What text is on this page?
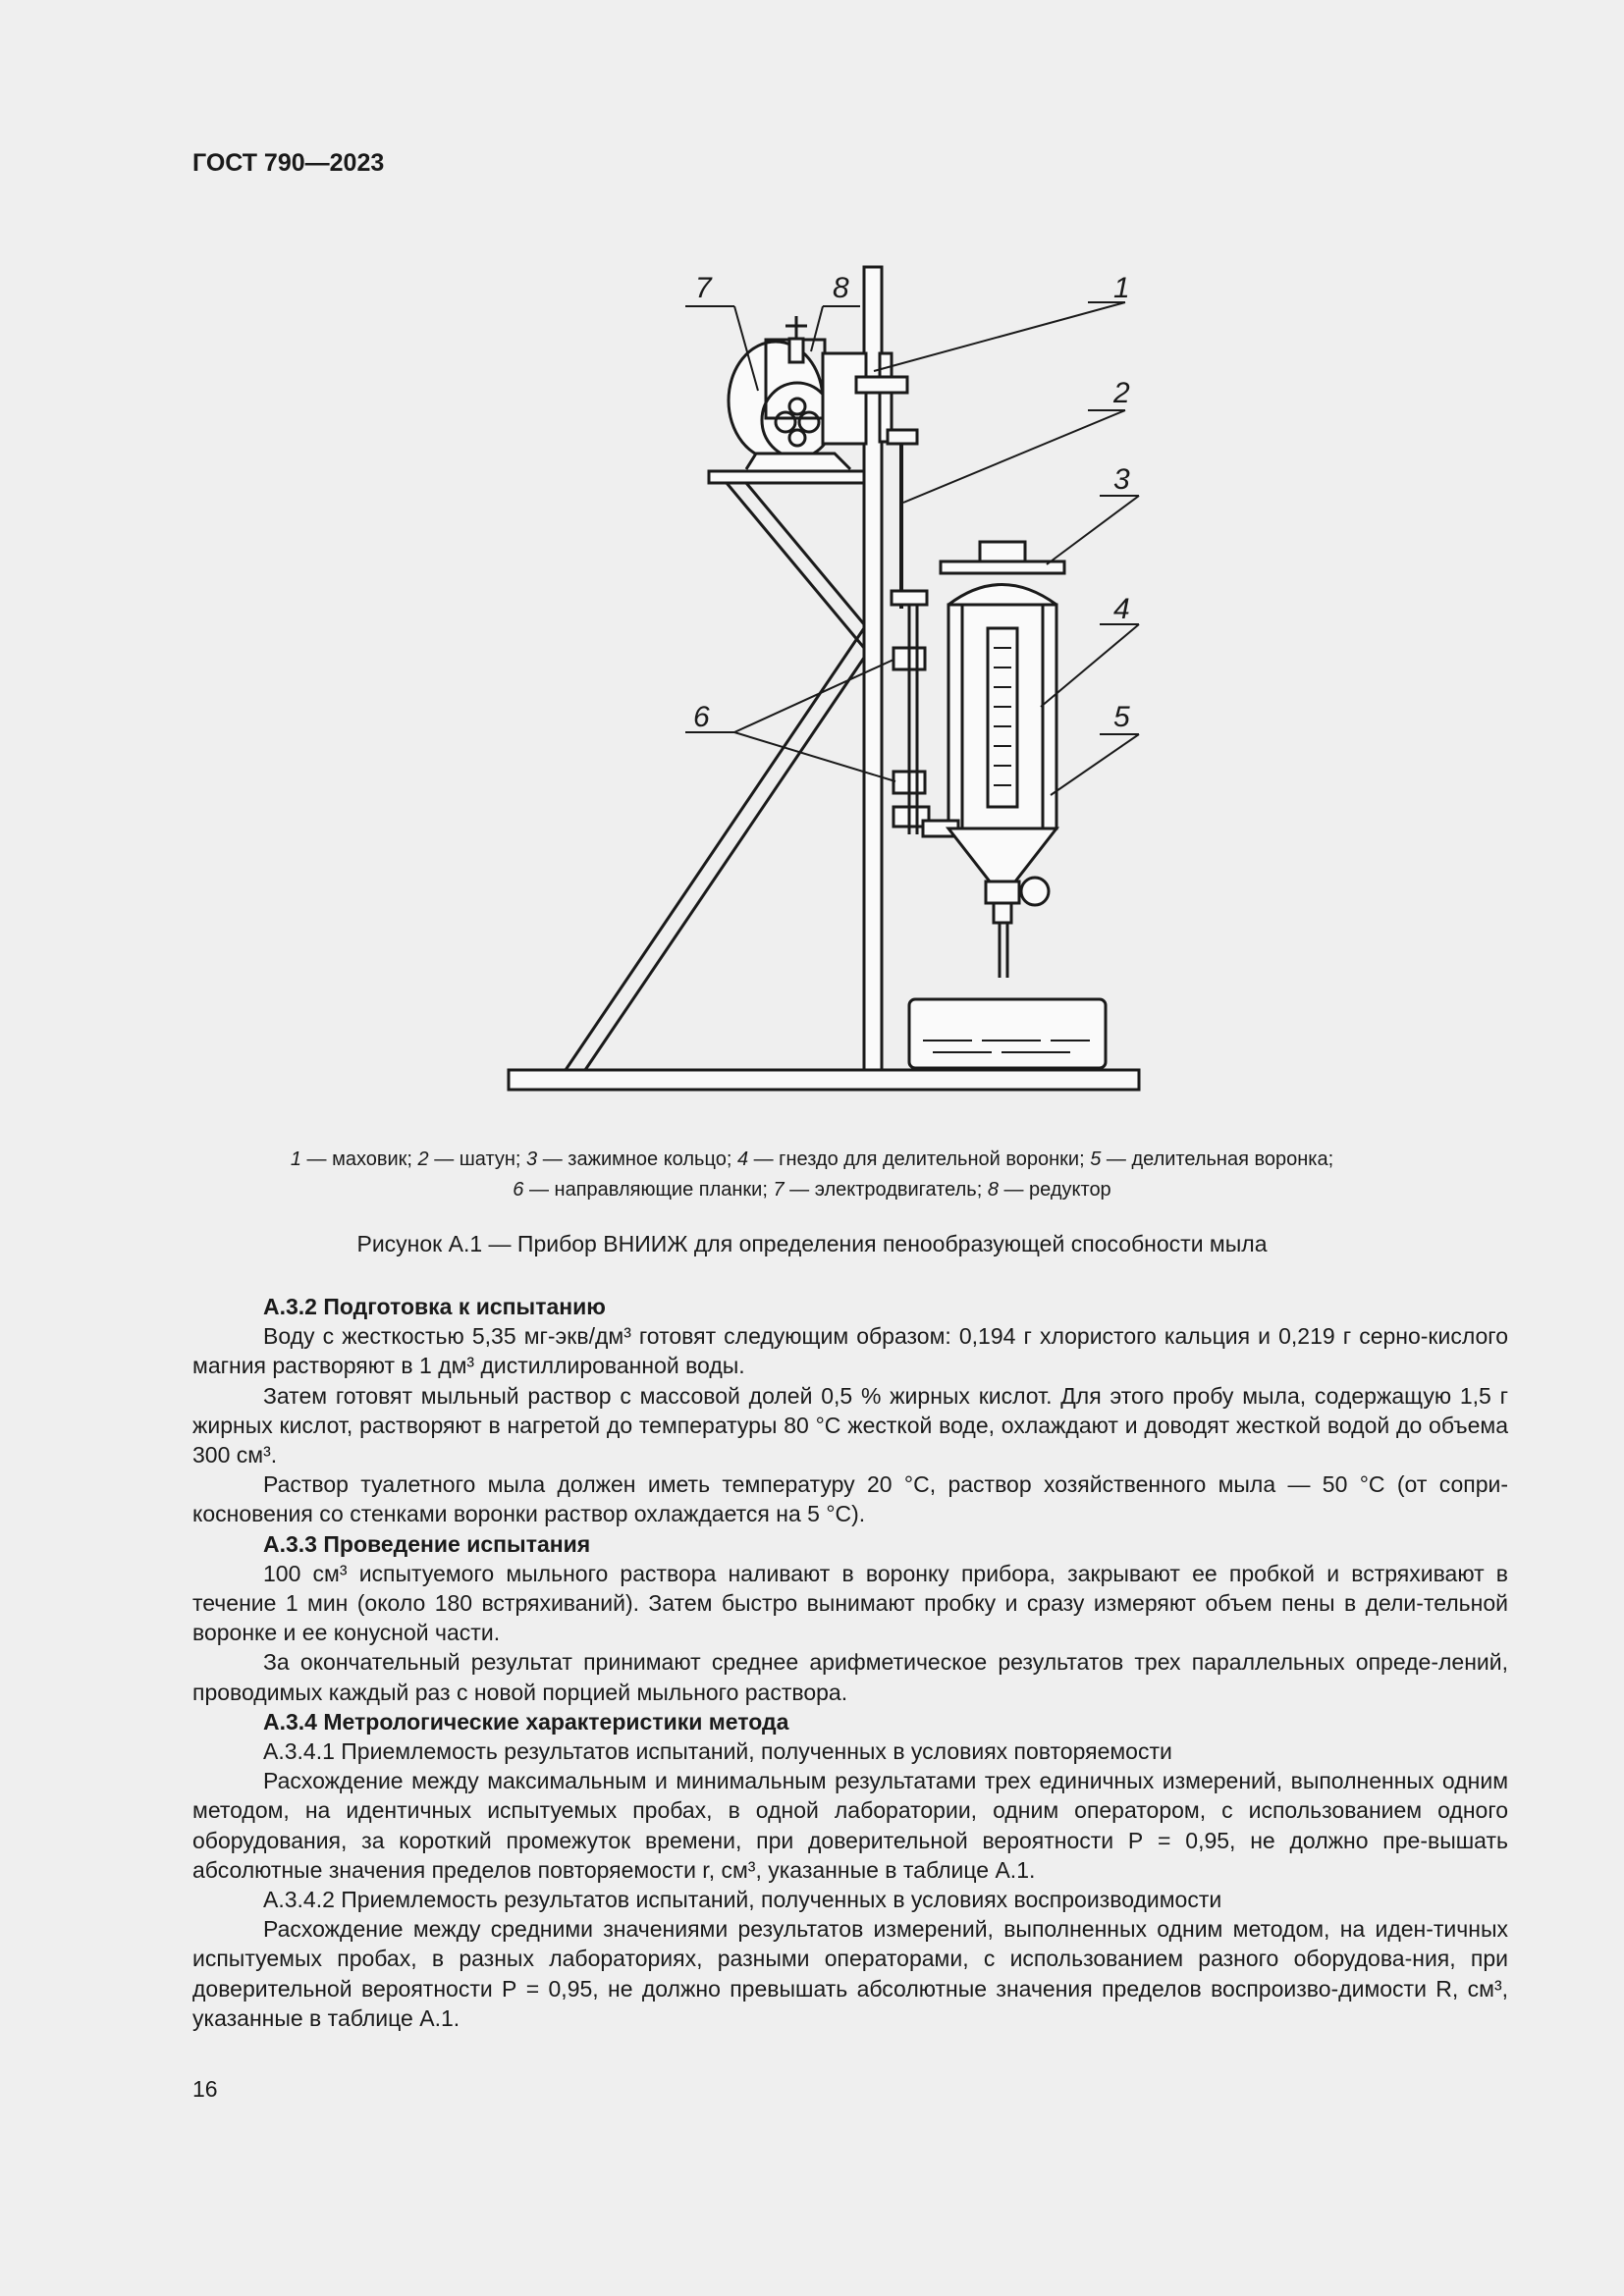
ГОСТ 790—2023
7	8	1
2
3
4
5
6
1 — маховик; 2 — шатун; 3 — зажимное кольцо; 4 — гнездо для делительной воронки; 5 — делительная воронка;
6 — направляющие планки; 7 — электродвигатель; 8 — редуктор
Рисунок А.1 — Прибор ВНИИЖ для определения пенообразующей способности мыла

А.3.2 Подготовка к испытанию

Воду с жесткостью 5,35 мг-экв/дм³ готовят следующим образом: 0,194 г хлористого кальция и 0,219 г серно-кислого магния растворяют в 1 дм³ дистиллированной воды.

Затем готовят мыльный раствор с массовой долей 0,5 % жирных кислот. Для этого пробу мыла, содержащую 1,5 г жирных кислот, растворяют в нагретой до температуры 80 °С жесткой воде, охлаждают и доводят жесткой водой до объема 300 см³.

Раствор туалетного мыла должен иметь температуру 20 °С, раствор хозяйственного мыла — 50 °С (от сопри-косновения со стенками воронки раствор охлаждается на 5 °С).

А.3.3 Проведение испытания

100 см³ испытуемого мыльного раствора наливают в воронку прибора, закрывают ее пробкой и встряхивают в течение 1 мин (около 180 встряхиваний). Затем быстро вынимают пробку и сразу измеряют объем пены в дели-тельной воронке и ее конусной части.

За окончательный результат принимают среднее арифметическое результатов трех параллельных опреде-лений, проводимых каждый раз с новой порцией мыльного раствора.

А.3.4 Метрологические характеристики метода

А.3.4.1 Приемлемость результатов испытаний, полученных в условиях повторяемости

Расхождение между максимальным и минимальным результатами трех единичных измерений, выполненных одним методом, на идентичных испытуемых пробах, в одной лаборатории, одним оператором, с использованием одного оборудования, за короткий промежуток времени, при доверительной вероятности Р = 0,95, не должно пре-вышать абсолютные значения пределов повторяемости r, см³, указанные в таблице А.1.

А.3.4.2 Приемлемость результатов испытаний, полученных в условиях воспроизводимости

Расхождение между средними значениями результатов измерений, выполненных одним методом, на иден-тичных испытуемых пробах, в разных лабораториях, разными операторами, с использованием разного оборудова-ния, при доверительной вероятности Р = 0,95, не должно превышать абсолютные значения пределов воспроизво-димости R, см³, указанные в таблице А.1.

16
